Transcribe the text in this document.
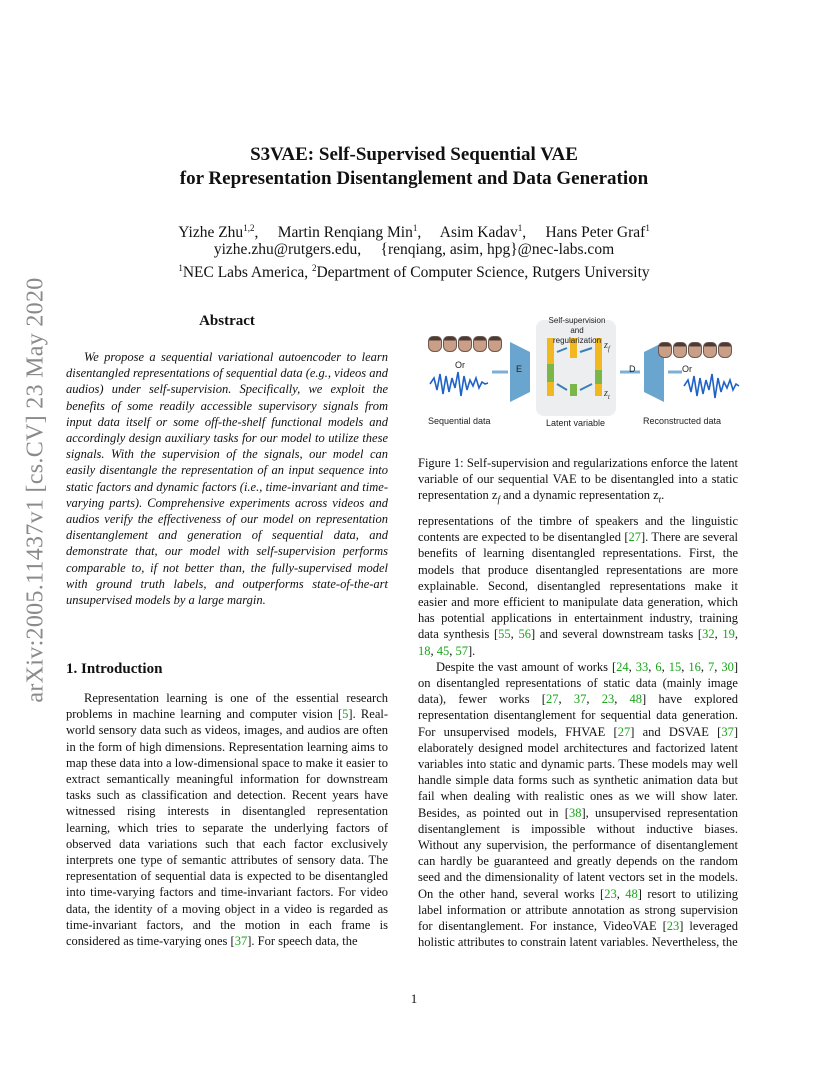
S3VAE: Self-Supervised Sequential VAE
for Representation Disentanglement and Data Generation
Yizhe Zhu$^{1,2}$,     Martin Renqiang Min$^1$,     Asim Kadav$^1$,     Hans Peter Graf$^1$
yizhe.zhu@rutgers.edu,     {renqiang, asim, hpg}@nec-labs.com
$^1$NEC Labs America, $^2$Department of Computer Science, Rutgers University
arXiv:2005.11437v1 [cs.CV] 23 May 2020	Abstract
We propose a sequential variational autoencoder to learn disentangled representations of sequential data (e.g., videos and audios) under self-supervision. Specifically, we exploit the benefits of some readily accessible supervisory signals from input data itself or some off-the-shelf functional models and accordingly design auxiliary tasks for our model to utilize these signals. With the supervision of the signals, our model can easily disentangle the representation of an input sequence into static factors and dynamic factors (i.e., time-invariant and time-varying parts). Comprehensive experiments across videos and audios verify the effectiveness of our model on representation disentanglement and generation of sequential data, and demonstrate that, our model with self-supervision performs comparable to, if not better than, the fully-supervised model with ground truth labels, and outperforms state-of-the-art unsupervised models by a large margin.
1. Introduction

Representation learning is one of the essential research problems in machine learning and computer vision [5]. Real-world sensory data such as videos, images, and audios are often in the form of high dimensions. Representation learning aims to map these data into a low-dimensional space to make it easier to extract semantically meaningful information for downstream tasks such as classification and detection. Recent years have witnessed rising interests in disentangled representation learning, which tries to separate the underlying factors of observed data variations such that each factor exclusively interprets one type of semantic attributes of sensory data. The representation of sequential data is expected to be disentangled into time-varying factors and time-invariant factors. For video data, the identity of a moving object in a video is regarded as time-invariant factors, and the motion in each frame is considered as time-varying ones [37]. For speech data, the

Self-supervision
and regularization
Or	Or
E	D
$z_f$
$z_t$
Sequential data	Latent variable	Reconstructed data
Figure 1: Self-supervision and regularizations enforce the latent variable of our sequential VAE to be disentangled into a static representation $z_f$ and a dynamic representation $z_t$.

representations of the timbre of speakers and the linguistic contents are expected to be disentangled [27]. There are several benefits of learning disentangled representations. First, the models that produce disentangled representations are more explainable. Second, disentangled representations make it easier and more efficient to manipulate data generation, which has potential applications in entertainment industry, training data synthesis [55, 56] and several downstream tasks [32, 19, 18, 45, 57].

Despite the vast amount of works [24, 33, 6, 15, 16, 7, 30] on disentangled representations of static data (mainly image data), fewer works [27, 37, 23, 48] have explored representation disentanglement for sequential data generation. For unsupervised models, FHVAE [27] and DSVAE [37] elaborately designed model architectures and factorized latent variables into static and dynamic parts. These models may well handle simple data forms such as synthetic animation data but fail when dealing with realistic ones as we will show later. Besides, as pointed out in [38], unsupervised representation disentanglement is impossible without inductive biases. Without any supervision, the performance of disentanglement can hardly be guaranteed and greatly depends on the random seed and the dimensionality of latent vectors set in the models. On the other hand, several works [23, 48] resort to utilizing label information or attribute annotation as strong supervision for disentanglement. For instance, VideoVAE [23] leveraged holistic attributes to constrain latent variables. Nevertheless, the

1
